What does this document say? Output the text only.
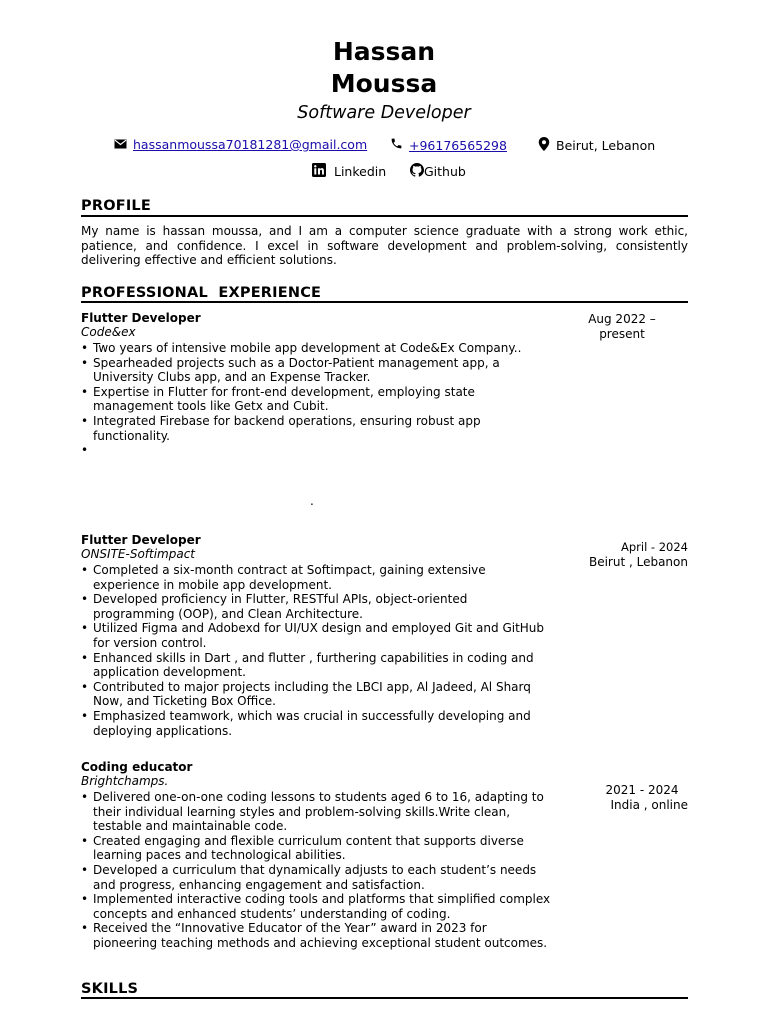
Hassan
Moussa
Software Developer
hassanmoussa70181281@gmail.com	+96176565298	Beirut, Lebanon
Linkedin	Github
PROFILE
My name is hassan moussa, and I am a computer science graduate with a strong work ethic, patience, and confidence. I excel in software development and problem-solving, consistently delivering effective and efficient solutions.
PROFESSIONAL  EXPERIENCE
Flutter Developer
Code&ex
Aug 2022 –
present
• Two years of intensive mobile app development at Code&Ex Company..
• Spearheaded projects such as a Doctor-Patient management app, a University Clubs app, and an Expense Tracker.
• Expertise in Flutter for front-end development, employing state management tools like Getx and Cubit.
• Integrated Firebase for backend operations, ensuring robust app functionality.
•
.
Flutter Developer
ONSITE-Softimpact	April - 2024
Beirut , Lebanon
• Completed a six-month contract at Softimpact, gaining extensive experience in mobile app development.
• Developed proficiency in Flutter, RESTful APIs, object-oriented programming (OOP), and Clean Architecture.
• Utilized Figma and Adobexd for UI/UX design and employed Git and GitHub for version control.
• Enhanced skills in Dart , and flutter , furthering capabilities in coding and application development.
• Contributed to major projects including the LBCI app, Al Jadeed, Al Sharq Now, and Ticketing Box Office.
• Emphasized teamwork, which was crucial in successfully developing and deploying applications.
Coding educator
Brightchamps.
2021 - 2024
India , online
• Delivered one-on-one coding lessons to students aged 6 to 16, adapting to their individual learning styles and problem-solving skills.Write clean, testable and maintainable code.
• Created engaging and flexible curriculum content that supports diverse learning paces and technological abilities.
• Developed a curriculum that dynamically adjusts to each student’s needs and progress, enhancing engagement and satisfaction.
• Implemented interactive coding tools and platforms that simplified complex concepts and enhanced students’ understanding of coding.
• Received the “Innovative Educator of the Year” award in 2023 for pioneering teaching methods and achieving exceptional student outcomes.
SKILLS
